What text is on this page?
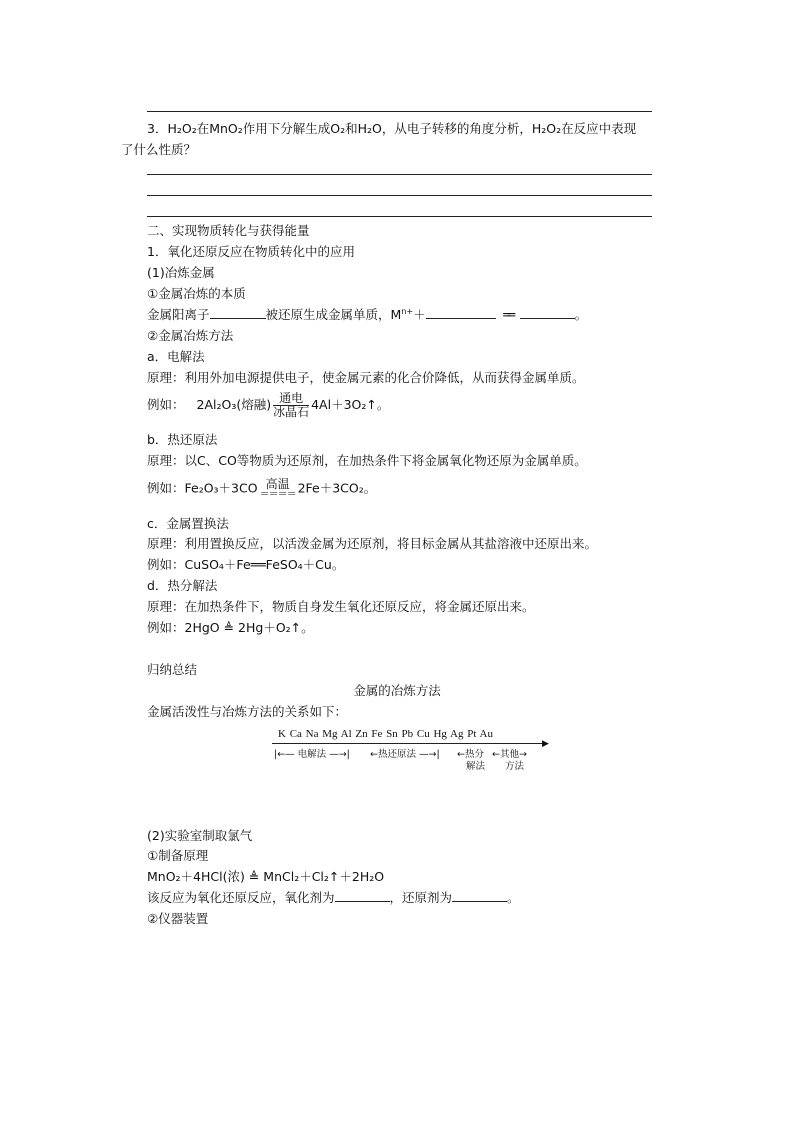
3．H₂O₂在MnO₂作用下分解生成O₂和H₂O，从电子转移的角度分析，H₂O₂在反应中表现
了什么性质？
二、实现物质转化与获得能量
1．氧化还原反应在物质转化中的应用
(1)冶炼金属
①金属冶炼的本质
金属阳离子	被还原生成金属单质，$M^{n+}+$	══	。
②金属冶炼方法
a．电解法
原理：利用外加电源提供电子，使金属元素的化合价降低，从而获得金属单质。
例如： 2Al₂O₃(熔融) $\frac{\text{通电}}{\text{冰晶石}}$ 4Al＋3O₂↑。
b．热还原法
原理：以C、CO等物质为还原剂，在加热条件下将金属氧化物还原为金属单质。
例如：Fe₂O₃＋3CO 高温
＝＝＝＝ 2Fe＋3CO₂。
c．金属置换法
原理：利用置换反应，以活泼金属为还原剂，将目标金属从其盐溶液中还原出来。
例如：CuSO₄＋Fe══FeSO₄＋Cu。
d．热分解法
原理：在加热条件下，物质自身发生氧化还原反应，将金属还原出来。
例如：2HgO ≜ 2Hg＋O₂↑。
归纳总结
金属的冶炼方法
金属活泼性与冶炼方法的关系如下：
K Ca Na Mg Al Zn Fe Sn Pb Cu Hg Ag Pt Au
▶
|←— 电解法 —→| ←热还原法 —→| ←热分
解法
←其他→
方法
(2)实验室制取氯气
①制备原理
MnO₂＋4HCl(浓) ≜ MnCl₂＋Cl₂↑＋2H₂O
该反应为氧化还原反应，氧化剂为	，还原剂为	。
②仪器装置
